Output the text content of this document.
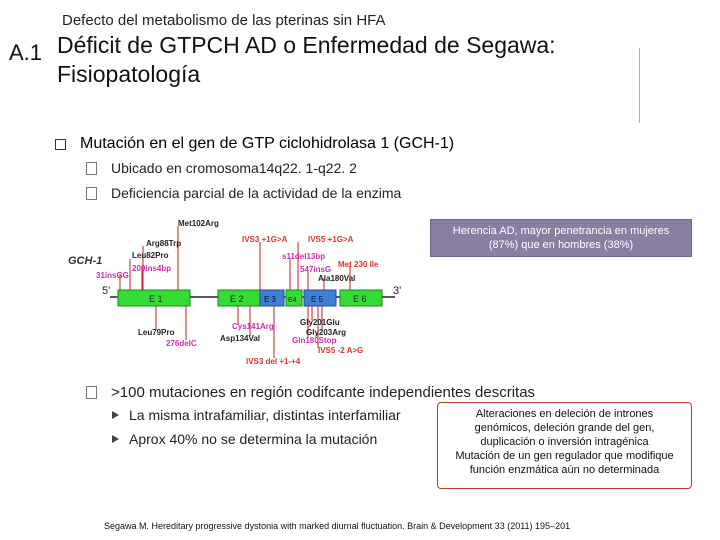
Defecto del metabolismo de las pterinas sin HFA
A.1 Déficit de GTPCH AD o Enfermedad de Segawa:
Fisiopatología
Mutación en el gen de GTP ciclohidrolasa 1 (GCH-1)
Ubicado en cromosoma14q22. 1-q22. 2
Deficiencia parcial de la actividad de la enzima
GCH-1
5'	3'
E 1	E 2	E 3 E4 E 5	E 6
Met102Arg
Arg88Trp
Leu82Pro
200ins4bp
31insGG
IVS3 +1G>A	IVS5 +1G>A
s11del13bp
547insG
Ala180Val
Met 230 Ile
Leu79Pro
276delC
Cys141Arg
Asp134Val
Gly201Glu
Gly203Arg
Gln180Stop
IVS5 -2 A>G
IVS3 del +1-+4
Herencia AD, mayor penetrancia en mujeres
(87%) que en hombres (38%)
>100 mutaciones en región codifcante independientes descritas
La misma intrafamiliar, distintas interfamiliar
Aprox 40% no se determina la mutación
Alteraciones en deleción de intrones
genómicos, deleción grande del gen,
duplicación o inversión intragénica
Mutación de un gen regulador que modifique
función enzmática aún no determinada
Segawa M. Hereditary progressive dystonia with marked diurnal fluctuation. Brain & Development 33 (2011) 195–201
